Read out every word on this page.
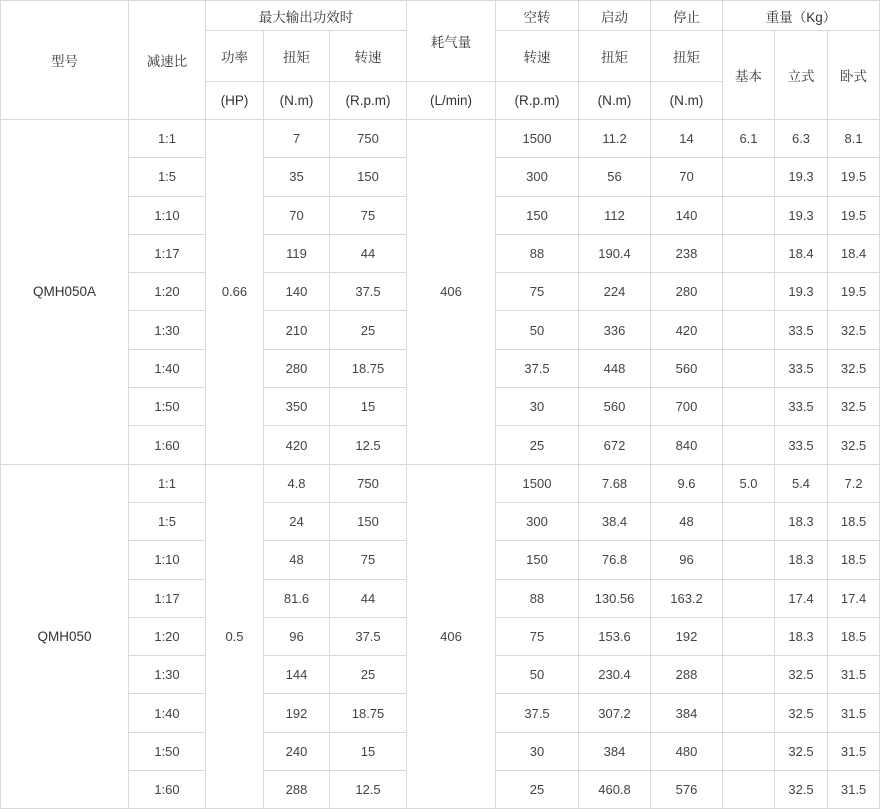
型号	减速比	最大输出功效时			耗气量	空转	启动	停止	重量（Kg）		
		功率	扭矩	转速		转速	扭矩	扭矩	基本	立式	卧式
		(HP)	(N.m)	(R.p.m)	(L/min)	(R.p.m)	(N.m)	(N.m)			
QMH050A	1:1	0.66	7	750	406	1500	11.2	14	6.1	6.3	8.1
	1:5		35	150		300	56	70		19.3	19.5
	1:10		70	75		150	112	140		19.3	19.5
	1:17		119	44		88	190.4	238		18.4	18.4
	1:20		140	37.5		75	224	280		19.3	19.5
	1:30		210	25		50	336	420		33.5	32.5
	1:40		280	18.75		37.5	448	560		33.5	32.5
	1:50		350	15		30	560	700		33.5	32.5
	1:60		420	12.5		25	672	840		33.5	32.5
QMH050	1:1	0.5	4.8	750	406	1500	7.68	9.6	5.0	5.4	7.2
	1:5		24	150		300	38.4	48		18.3	18.5
	1:10		48	75		150	76.8	96		18.3	18.5
	1:17		81.6	44		88	130.56	163.2		17.4	17.4
	1:20		96	37.5		75	153.6	192		18.3	18.5
	1:30		144	25		50	230.4	288		32.5	31.5
	1:40		192	18.75		37.5	307.2	384		32.5	31.5
	1:50		240	15		30	384	480		32.5	31.5
	1:60		288	12.5		25	460.8	576		32.5	31.5
